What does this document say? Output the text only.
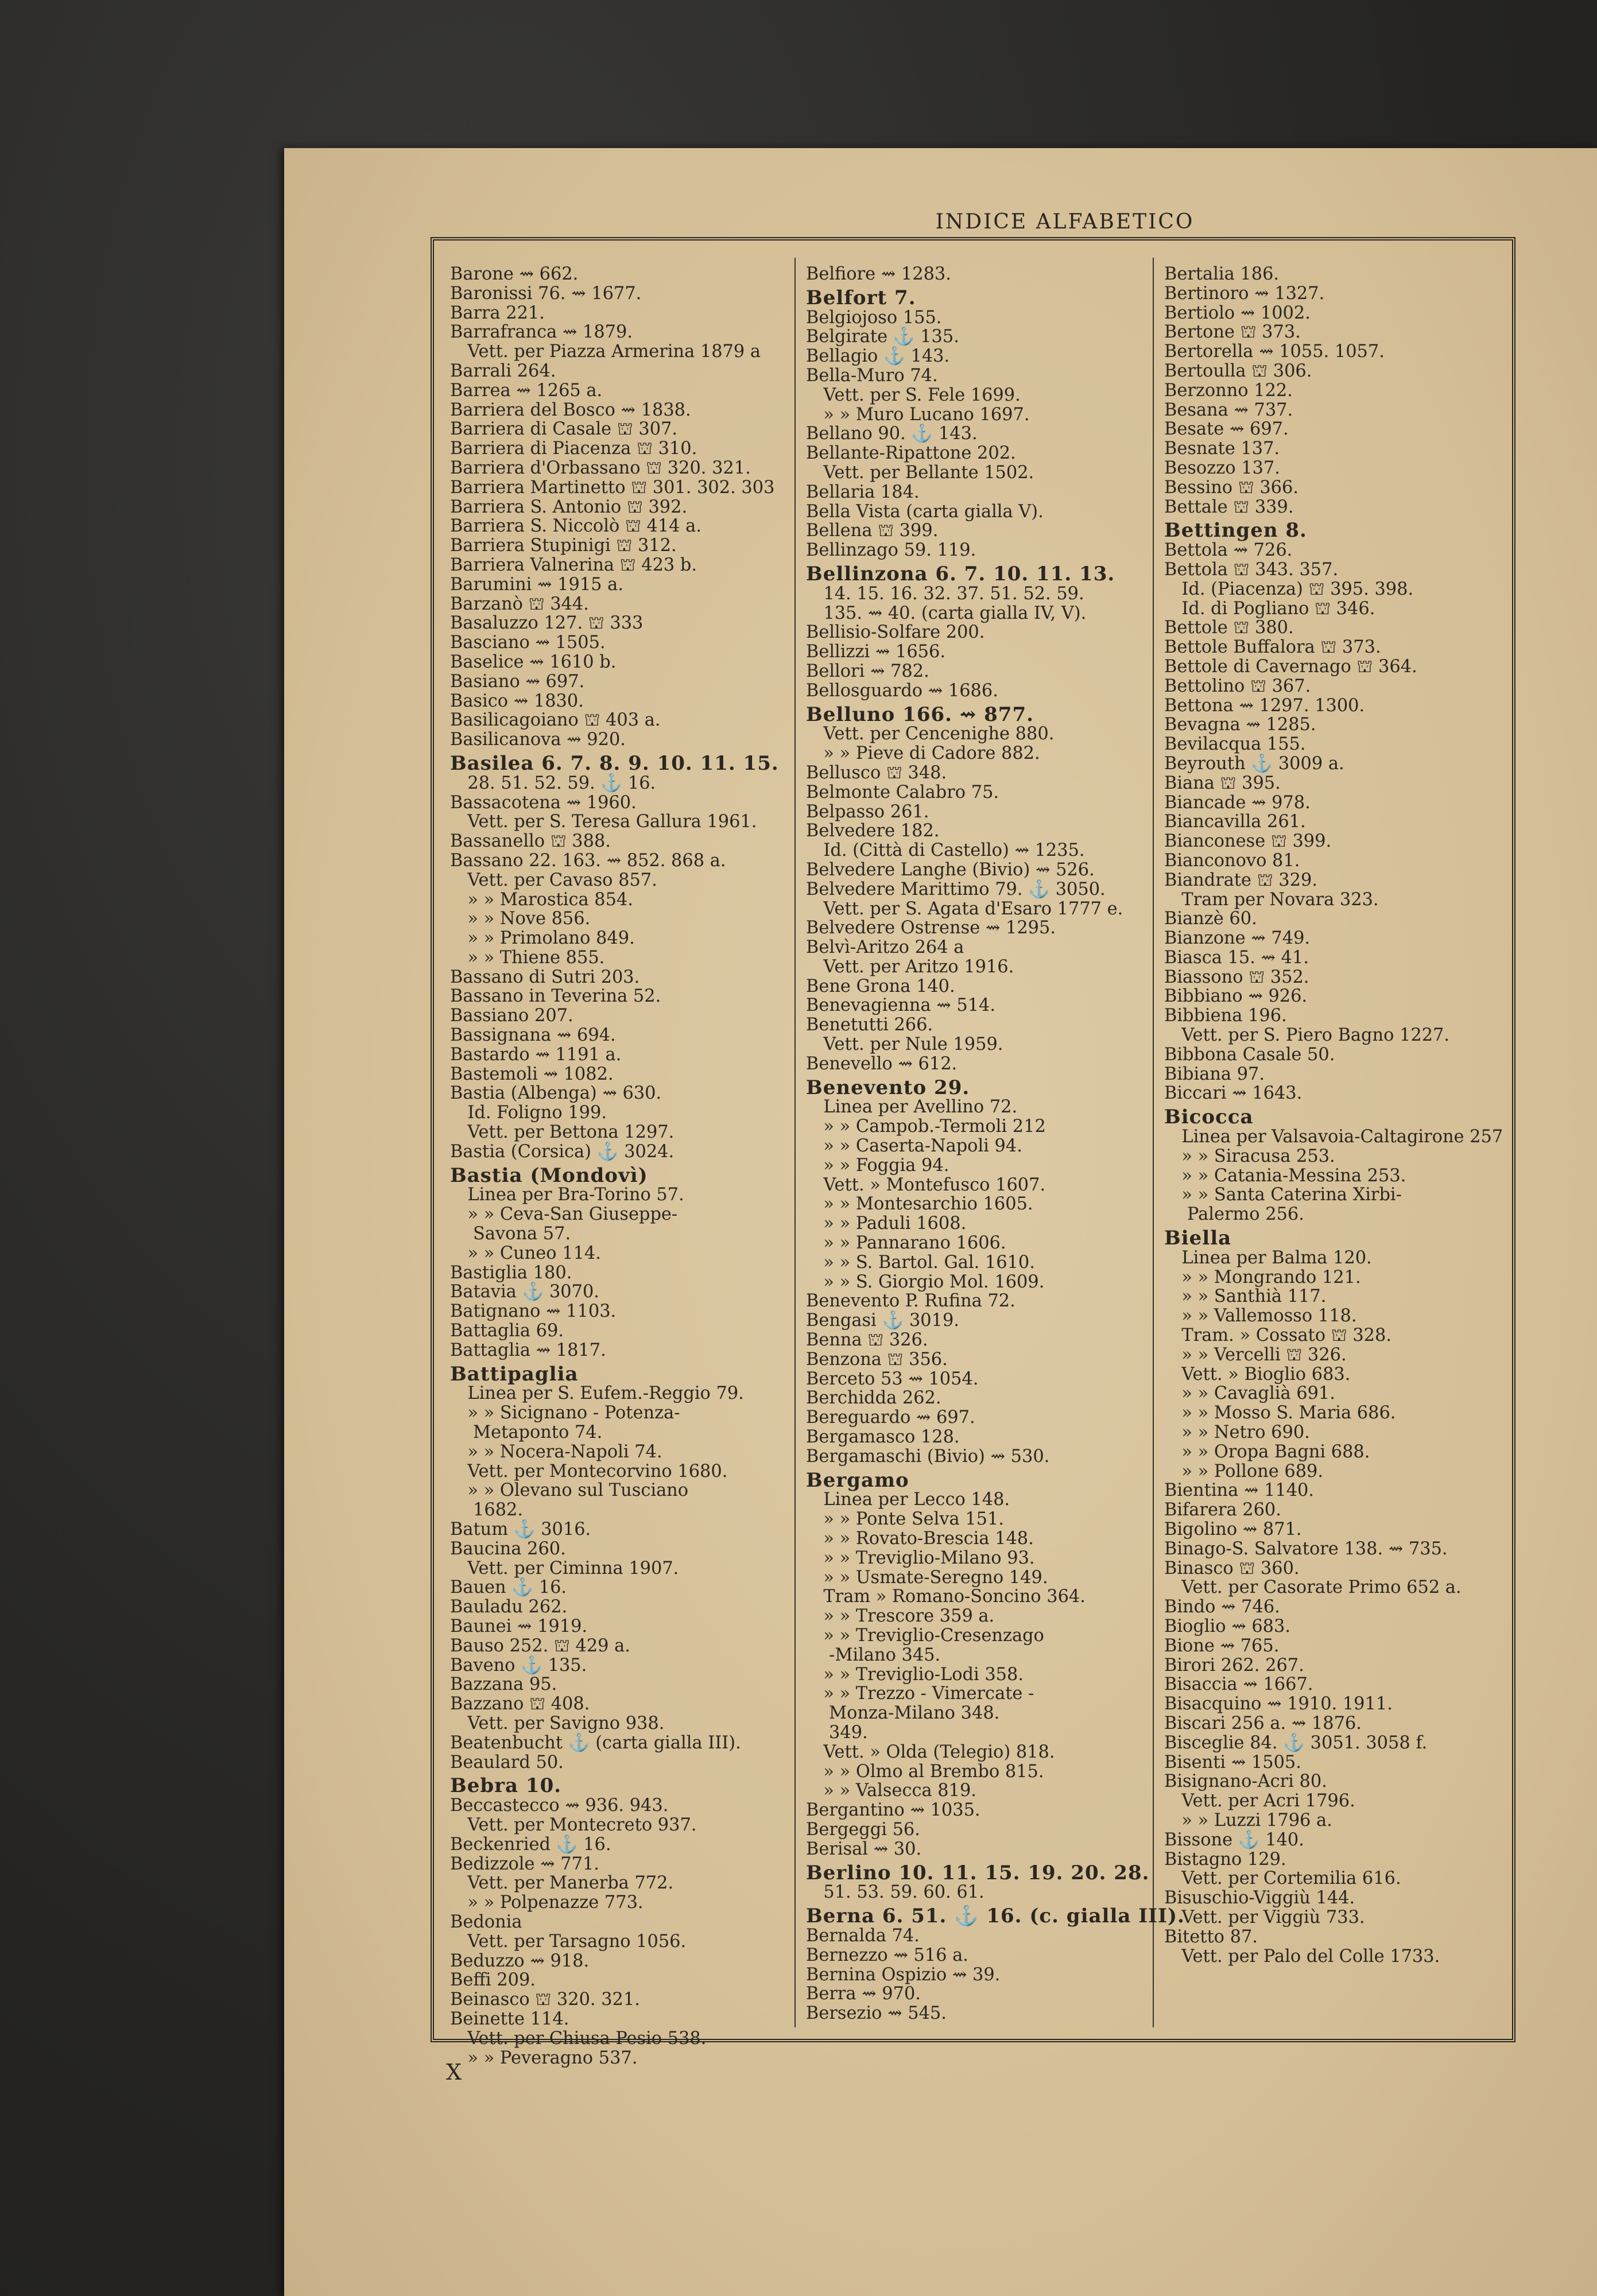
INDICE ALFABETICO
Barone ⇝ 662.
Baronissi 76. ⇝ 1677.
Barra 221.
Barrafranca ⇝ 1879.
 Vett. per Piazza Armerina 1879 a
Barrali 264.
Barrea ⇝ 1265 a.
Barriera del Bosco ⇝ 1838.
Barriera di Casale ⛫ 307.
Barriera di Piacenza ⛫ 310.
Barriera d'Orbassano ⛫ 320. 321.
Barriera Martinetto ⛫ 301. 302. 303
Barriera S. Antonio ⛫ 392.
Barriera S. Niccolò ⛫ 414 a.
Barriera Stupinigi ⛫ 312.
Barriera Valnerina ⛫ 423 b.
Barumini ⇝ 1915 a.
Barzanò ⛫ 344.
Basaluzzo 127. ⛫ 333
Basciano ⇝ 1505.
Baselice ⇝ 1610 b.
Basiano ⇝ 697.
Basico ⇝ 1830.
Basilicagoiano ⛫ 403 a.
Basilicanova ⇝ 920.
Basilea 6. 7. 8. 9. 10. 11. 15.
 28. 51. 52. 59. ⚓ 16.
Bassacotena ⇝ 1960.
 Vett. per S. Teresa Gallura 1961.
Bassanello ⛫ 388.
Bassano 22. 163. ⇝ 852. 868 a.
 Vett. per Cavaso 857.
 » » Marostica 854.
 » » Nove 856.
 » » Primolano 849.
 » » Thiene 855.
Bassano di Sutri 203.
Bassano in Teverina 52.
Bassiano 207.
Bassignana ⇝ 694.
Bastardo ⇝ 1191 a.
Bastemoli ⇝ 1082.
Bastia (Albenga) ⇝ 630.
 Id. Foligno 199.
 Vett. per Bettona 1297.
Bastia (Corsica) ⚓ 3024.
Bastia (Mondovì)
 Linea per Bra-Torino 57.
 » » Ceva-San Giuseppe-
  Savona 57.
 » » Cuneo 114.
Bastiglia 180.
Batavia ⚓ 3070.
Batignano ⇝ 1103.
Battaglia 69.
Battaglia ⇝ 1817.
Battipaglia
 Linea per S. Eufem.-Reggio 79.
 » » Sicignano - Potenza-
  Metaponto 74.
 » » Nocera-Napoli 74.
 Vett. per Montecorvino 1680.
 » » Olevano sul Tusciano
  1682.
Batum ⚓ 3016.
Baucina 260.
 Vett. per Ciminna 1907.
Bauen ⚓ 16.
Bauladu 262.
Baunei ⇝ 1919.
Bauso 252. ⛫ 429 a.
Baveno ⚓ 135.
Bazzana 95.
Bazzano ⛫ 408.
 Vett. per Savigno 938.
Beatenbucht ⚓ (carta gialla III).
Beaulard 50.
Bebra 10.
Beccastecco ⇝ 936. 943.
 Vett. per Montecreto 937.
Beckenried ⚓ 16.
Bedizzole ⇝ 771.
 Vett. per Manerba 772.
 » » Polpenazze 773.
Bedonia
 Vett. per Tarsagno 1056.
Beduzzo ⇝ 918.
Beffi 209.
Beinasco ⛫ 320. 321.
Beinette 114.
 Vett. per Chiusa Pesio 538.
 » » Peveragno 537.
Belfiore ⇝ 1283.
Belfort 7.
Belgiojoso 155.
Belgirate ⚓ 135.
Bellagio ⚓ 143.
Bella-Muro 74.
 Vett. per S. Fele 1699.
 » » Muro Lucano 1697.
Bellano 90. ⚓ 143.
Bellante-Ripattone 202.
 Vett. per Bellante 1502.
Bellaria 184.
Bella Vista (carta gialla V).
Bellena ⛫ 399.
Bellinzago 59. 119.
Bellinzona 6. 7. 10. 11. 13.
 14. 15. 16. 32. 37. 51. 52. 59.
 135. ⇝ 40. (carta gialla IV, V).
Bellisio-Solfare 200.
Bellizzi ⇝ 1656.
Bellori ⇝ 782.
Bellosguardo ⇝ 1686.
Belluno 166. ⇝ 877.
 Vett. per Cencenighe 880.
 » » Pieve di Cadore 882.
Bellusco ⛫ 348.
Belmonte Calabro 75.
Belpasso 261.
Belvedere 182.
 Id. (Città di Castello) ⇝ 1235.
Belvedere Langhe (Bivio) ⇝ 526.
Belvedere Marittimo 79. ⚓ 3050.
 Vett. per S. Agata d'Esaro 1777 e.
Belvedere Ostrense ⇝ 1295.
Belvì-Aritzo 264 a
 Vett. per Aritzo 1916.
Bene Grona 140.
Benevagienna ⇝ 514.
Benetutti 266.
 Vett. per Nule 1959.
Benevello ⇝ 612.
Benevento 29.
 Linea per Avellino 72.
 » » Campob.-Termoli 212
 » » Caserta-Napoli 94.
 » » Foggia 94.
 Vett. » Montefusco 1607.
 » » Montesarchio 1605.
 » » Paduli 1608.
 » » Pannarano 1606.
 » » S. Bartol. Gal. 1610.
 » » S. Giorgio Mol. 1609.
Benevento P. Rufina 72.
Bengasi ⚓ 3019.
Benna ⛫ 326.
Benzona ⛫ 356.
Berceto 53 ⇝ 1054.
Berchidda 262.
Bereguardo ⇝ 697.
Bergamasco 128.
Bergamaschi (Bivio) ⇝ 530.
Bergamo
 Linea per Lecco 148.
 » » Ponte Selva 151.
 » » Rovato-Brescia 148.
 » » Treviglio-Milano 93.
 » » Usmate-Seregno 149.
 Tram » Romano-Soncino 364.
 » » Trescore 359 a.
 » » Treviglio-Cresenzago
  -Milano 345.
 » » Treviglio-Lodi 358.
 » » Trezzo - Vimercate -
  Monza-Milano 348.
  349.
 Vett. » Olda (Telegio) 818.
 » » Olmo al Brembo 815.
 » » Valsecca 819.
Bergantino ⇝ 1035.
Bergeggi 56.
Berisal ⇝ 30.
Berlino 10. 11. 15. 19. 20. 28.
 51. 53. 59. 60. 61.
Berna 6. 51. ⚓ 16. (c. gialla III).
Bernalda 74.
Bernezzo ⇝ 516 a.
Bernina Ospizio ⇝ 39.
Berra ⇝ 970.
Bersezio ⇝ 545.
Bertalia 186.
Bertinoro ⇝ 1327.
Bertiolo ⇝ 1002.
Bertone ⛫ 373.
Bertorella ⇝ 1055. 1057.
Bertoulla ⛫ 306.
Berzonno 122.
Besana ⇝ 737.
Besate ⇝ 697.
Besnate 137.
Besozzo 137.
Bessino ⛫ 366.
Bettale ⛫ 339.
Bettingen 8.
Bettola ⇝ 726.
Bettola ⛫ 343. 357.
 Id. (Piacenza) ⛫ 395. 398.
 Id. di Pogliano ⛫ 346.
Bettole ⛫ 380.
Bettole Buffalora ⛫ 373.
Bettole di Cavernago ⛫ 364.
Bettolino ⛫ 367.
Bettona ⇝ 1297. 1300.
Bevagna ⇝ 1285.
Bevilacqua 155.
Beyrouth ⚓ 3009 a.
Biana ⛫ 395.
Biancade ⇝ 978.
Biancavilla 261.
Bianconese ⛫ 399.
Bianconovo 81.
Biandrate ⛫ 329.
 Tram per Novara 323.
Bianzè 60.
Bianzone ⇝ 749.
Biasca 15. ⇝ 41.
Biassono ⛫ 352.
Bibbiano ⇝ 926.
Bibbiena 196.
 Vett. per S. Piero Bagno 1227.
Bibbona Casale 50.
Bibiana 97.
Biccari ⇝ 1643.
Bicocca
 Linea per Valsavoia-Caltagirone 257
 » » Siracusa 253.
 » » Catania-Messina 253.
 » » Santa Caterina Xirbi-
  Palermo 256.
Biella
 Linea per Balma 120.
 » » Mongrando 121.
 » » Santhià 117.
 » » Vallemosso 118.
 Tram. » Cossato ⛫ 328.
 » » Vercelli ⛫ 326.
 Vett. » Bioglio 683.
 » » Cavaglià 691.
 » » Mosso S. Maria 686.
 » » Netro 690.
 » » Oropa Bagni 688.
 » » Pollone 689.
Bientina ⇝ 1140.
Bifarera 260.
Bigolino ⇝ 871.
Binago-S. Salvatore 138. ⇝ 735.
Binasco ⛫ 360.
 Vett. per Casorate Primo 652 a.
Bindo ⇝ 746.
Bioglio ⇝ 683.
Bione ⇝ 765.
Birori 262. 267.
Bisaccia ⇝ 1667.
Bisacquino ⇝ 1910. 1911.
Biscari 256 a. ⇝ 1876.
Bisceglie 84. ⚓ 3051. 3058 f.
Bisenti ⇝ 1505.
Bisignano-Acri 80.
 Vett. per Acri 1796.
 » » Luzzi 1796 a.
Bissone ⚓ 140.
Bistagno 129.
 Vett. per Cortemilia 616.
Bisuschio-Viggiù 144.
 Vett. per Viggiù 733.
Bitetto 87.
 Vett. per Palo del Colle 1733.
X
